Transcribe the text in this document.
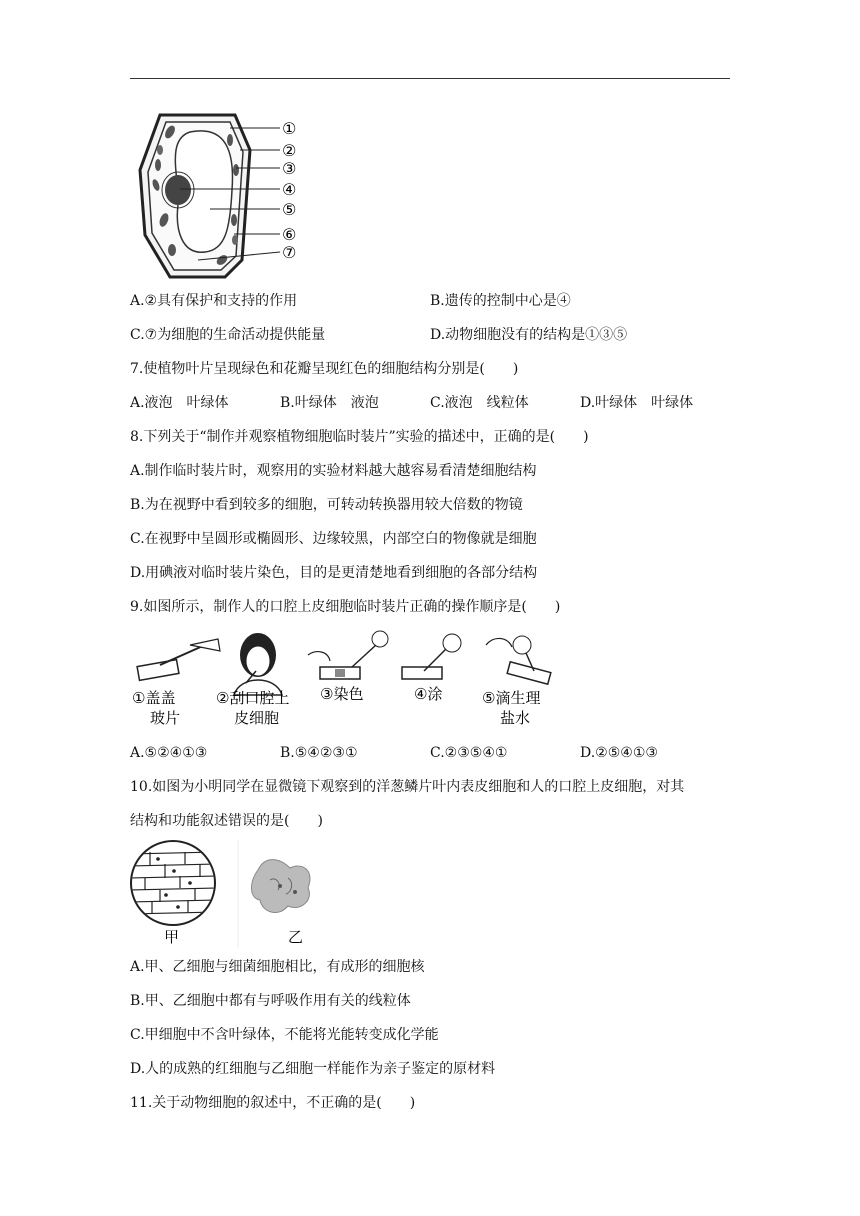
①
②
③
④
⑤
⑥
⑦
A.②具有保护和支持的作用	B.遗传的控制中心是④
C.⑦为细胞的生命活动提供能量	D.动物细胞没有的结构是①③⑤
7.使植物叶片呈现绿色和花瓣呈现红色的细胞结构分别是(　　)
A.液泡　叶绿体	B.叶绿体　液泡	C.液泡　线粒体	D.叶绿体　叶绿体
8.下列关于“制作并观察植物细胞临时装片”实验的描述中，正确的是(　　)
A.制作临时装片时，观察用的实验材料越大越容易看清楚细胞结构
B.为在视野中看到较多的细胞，可转动转换器用较大倍数的物镜
C.在视野中呈圆形或椭圆形、边缘较黑，内部空白的物像就是细胞
D.用碘液对临时装片染色，目的是更清楚地看到细胞的各部分结构
9.如图所示，制作人的口腔上皮细胞临时装片正确的操作顺序是(　　)
①盖盖
玻片
②刮口腔上
皮细胞
③染色	④涂	⑤滴生理
盐水
A.⑤②④①③	B.⑤④②③①	C.②③⑤④①	D.②⑤④①③
10.如图为小明同学在显微镜下观察到的洋葱鳞片叶内表皮细胞和人的口腔上皮细胞，对其
结构和功能叙述错误的是(　　)
甲	乙
A.甲、乙细胞与细菌细胞相比，有成形的细胞核
B.甲、乙细胞中都有与呼吸作用有关的线粒体
C.甲细胞中不含叶绿体，不能将光能转变成化学能
D.人的成熟的红细胞与乙细胞一样能作为亲子鉴定的原材料
11.关于动物细胞的叙述中，不正确的是(　　)
